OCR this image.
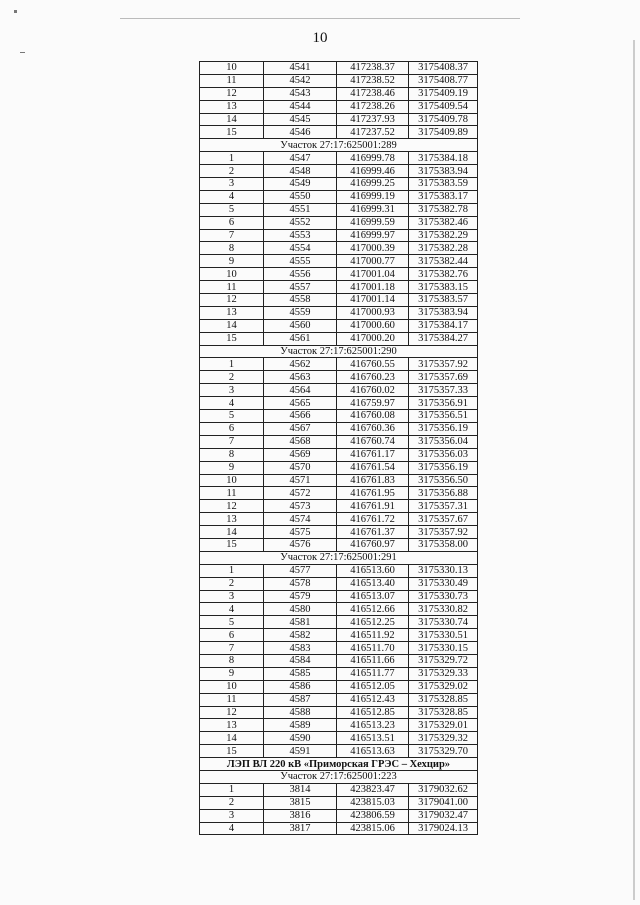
10
10	4541	417238.37	3175408.37
11	4542	417238.52	3175408.77
12	4543	417238.46	3175409.19
13	4544	417238.26	3175409.54
14	4545	417237.93	3175409.78
15	4546	417237.52	3175409.89
Участок 27:17:625001:289			
1	4547	416999.78	3175384.18
2	4548	416999.46	3175383.94
3	4549	416999.25	3175383.59
4	4550	416999.19	3175383.17
5	4551	416999.31	3175382.78
6	4552	416999.59	3175382.46
7	4553	416999.97	3175382.29
8	4554	417000.39	3175382.28
9	4555	417000.77	3175382.44
10	4556	417001.04	3175382.76
11	4557	417001.18	3175383.15
12	4558	417001.14	3175383.57
13	4559	417000.93	3175383.94
14	4560	417000.60	3175384.17
15	4561	417000.20	3175384.27
Участок 27:17:625001:290			
1	4562	416760.55	3175357.92
2	4563	416760.23	3175357.69
3	4564	416760.02	3175357.33
4	4565	416759.97	3175356.91
5	4566	416760.08	3175356.51
6	4567	416760.36	3175356.19
7	4568	416760.74	3175356.04
8	4569	416761.17	3175356.03
9	4570	416761.54	3175356.19
10	4571	416761.83	3175356.50
11	4572	416761.95	3175356.88
12	4573	416761.91	3175357.31
13	4574	416761.72	3175357.67
14	4575	416761.37	3175357.92
15	4576	416760.97	3175358.00
Участок 27:17:625001:291			
1	4577	416513.60	3175330.13
2	4578	416513.40	3175330.49
3	4579	416513.07	3175330.73
4	4580	416512.66	3175330.82
5	4581	416512.25	3175330.74
6	4582	416511.92	3175330.51
7	4583	416511.70	3175330.15
8	4584	416511.66	3175329.72
9	4585	416511.77	3175329.33
10	4586	416512.05	3175329.02
11	4587	416512.43	3175328.85
12	4588	416512.85	3175328.85
13	4589	416513.23	3175329.01
14	4590	416513.51	3175329.32
15	4591	416513.63	3175329.70
ЛЭП ВЛ 220 кВ «Приморская ГРЭС – Хехцир»			
Участок 27:17:625001:223			
1	3814	423823.47	3179032.62
2	3815	423815.03	3179041.00
3	3816	423806.59	3179032.47
4	3817	423815.06	3179024.13
